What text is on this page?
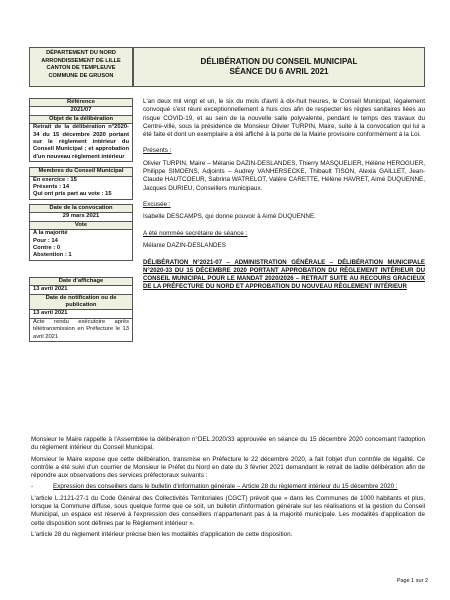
DÉPARTEMENT DU NORD
ARRONDISSEMENT DE LILLE
CANTON DE TEMPLEUVE
COMMUNE DE GRUSON
DÉLIBÉRATION DU CONSEIL MUNICIPAL
SÉANCE DU 6 AVRIL 2021
Référence
2021/07
Objet de la délibération
Retrait de la délibération n°2020-34 du 15 décembre 2020 portant sur le règlement intérieur du Conseil Municipal ; et approbation d'un nouveau règlement intérieur
Membres du Conseil Municipal
En exercice : 15
Présents : 14
Qui ont pris part au vote : 15
Date de la convocation
29 mars 2021
Vote
A la majorité
Pour : 14
Contre : 0
Abstention : 1
Date d'affichage
13 avril 2021
Date de notification ou de publication
13 avril 2021
Acte rendu exécutoire après télétransmission en Préfecture le 13 avril 2021
L'an deux mil vingt et un, le six du mois d'avril à dix-huit heures, le Conseil Municipal, légalement convoqué s'est réuni exceptionnellement à huis clos afin de respecter les règles sanitaires liées au risque COVID-19, et au sein de la nouvelle salle polyvalente, pendant le temps des travaux du Centre-ville, sous la présidence de Monsieur Olivier TURPIN, Maire, suite à la convocation qui lui a été faite et dont un exemplaire a été affiché à la porte de la Mairie provisoire conformément à la Loi.
Présents :
Olivier TURPIN, Maire – Mélanie DAZIN-DESLANDES, Thierry MASQUELIER, Hélène HEROGUER, Philippe SIMOENS, Adjoints – Audrey VANHERSECKE, Thibault TISON, Alexia GAILLET, Jean-Claude HAUTCOEUR, Sabrina WATRELOT, Valère CARETTE, Hélène HAVRET, Aimé DUQUENNE, Jacques DURIEU, Conseillers municipaux.
Excusée :
Isabelle DESCAMPS, qui donne pouvoir à Aimé DUQUENNE.
A été nommée secrétaire de séance :
Mélanie DAZIN-DESLANDES
DÉLIBÉRATION N°2021-07 – ADMINISTRATION GÉNÉRALE – DÉLIBÉRATION MUNICIPALE N°2020-33 DU 15 DÉCEMBRE 2020 PORTANT APPROBATION DU RÈGLEMENT INTÉRIEUR DU CONSEIL MUNICIPAL POUR LE MANDAT 2020/2026 – RETRAIT SUITE AU RECOURS GRACIEUX DE LA PRÉFECTURE DU NORD ET APPROBATION DU NOUVEAU RÈGLEMENT INTÉRIEUR
Monsieur le Maire rappelle à l'Assemblée la délibération n°DEL.2020/33 approuvée en séance du 15 décembre 2020 concernant l'adoption du règlement intérieur du Conseil Municipal.
Monsieur le Maire expose que cette délibération, transmise en Préfecture le 22 décembre 2020, a fait l'objet d'un contrôle de légalité. Ce contrôle a été suivi d'un courrier de Monsieur le Préfet du Nord en date du 3 février 2021 demandant le retrait de ladite délibération afin de répondre aux observations des services préfectoraux suivants :
-	Expression des conseillers dans le bulletin d'information générale – Article 28 du règlement intérieur du 15 décembre 2020 :
L'article L.2121-27-1 du Code Général des Collectivités Territoriales (CGCT) prévoit que « dans les Communes de 1000 habitants et plus, lorsque la Commune diffuse, sous quelque forme que ce soit, un bulletin d'information générale sur les réalisations et la gestion du Conseil Municipal, un espace est réservé à l'expression des conseillers n'appartenant pas à la majorité municipale. Les modalités d'application de cette disposition sont définies par le Règlement intérieur ».
L'article 28 du règlement intérieur précise bien les modalités d'application de cette disposition.
Page 1 sur 2
